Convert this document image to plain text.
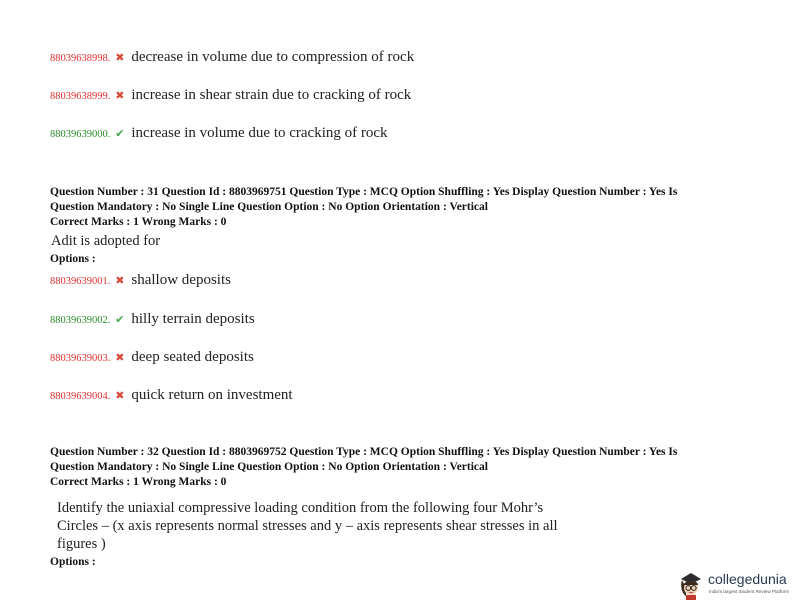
88039638998. ✖ decrease in volume due to compression of rock
88039638999. ✖ increase in shear strain due to cracking of rock
88039639000. ✔ increase in volume due to cracking of rock
Question Number : 31 Question Id : 8803969751 Question Type : MCQ Option Shuffling : Yes Display Question Number : Yes Is
Question Mandatory : No Single Line Question Option : No Option Orientation : Vertical
Correct Marks : 1 Wrong Marks : 0
Adit is adopted for
Options :
88039639001. ✖ shallow deposits
88039639002. ✔ hilly terrain deposits
88039639003. ✖ deep seated deposits
88039639004. ✖ quick return on investment
Question Number : 32 Question Id : 8803969752 Question Type : MCQ Option Shuffling : Yes Display Question Number : Yes Is
Question Mandatory : No Single Line Question Option : No Option Orientation : Vertical
Correct Marks : 1 Wrong Marks : 0
Identify the uniaxial compressive loading condition from the following four Mohr’s
Circles – (x axis represents normal stresses and y – axis represents shear stresses in all
figures )
Options :
collegedunia
India's largest Student Review Platform
